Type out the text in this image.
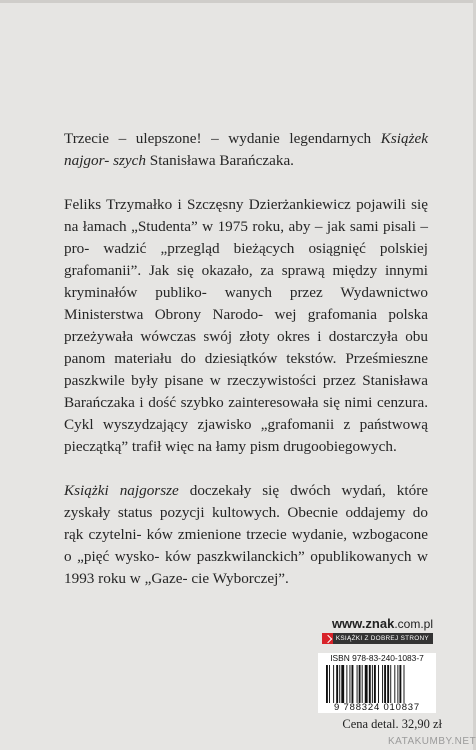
Trzecie – ulepszone! – wydanie legendarnych Książek najgor- szych Stanisława Barańczaka.

Feliks Trzymałko i Szczęsny Dzierżankiewicz pojawili się na łamach „Studenta” w 1975 roku, aby – jak sami pisali – pro- wadzić „przegląd bieżących osiągnięć polskiej grafomanii”. Jak się okazało, za sprawą między innymi kryminałów publiko- wanych przez Wydawnictwo Ministerstwa Obrony Narodo- wej grafomania polska przeżywała wówczas swój złoty okres i dostarczyła obu panom materiału do dziesiątków tekstów. Prześmieszne paszkwile były pisane w rzeczywistości przez Stanisława Barańczaka i dość szybko zainteresowała się nimi cenzura. Cykl wyszydzający zjawisko „grafomanii z państwową pieczątką” trafił więc na łamy pism drugoobiegowych.

Książki najgorsze doczekały się dwóch wydań, które zyskały status pozycji kultowych. Obecnie oddajemy do rąk czytelni- ków zmienione trzecie wydanie, wzbogacone o „pięć wysko- ków paszkwilanckich” opublikowanych w 1993 roku w „Gaze- cie Wyborczej”.

www.znak.com.pl
KSIĄŻKI Z DOBREJ STRONY
ISBN 978-83-240-1083-7
9 788324 010837
Cena detal. 32,90 zł
KATAKUMBY.NET
